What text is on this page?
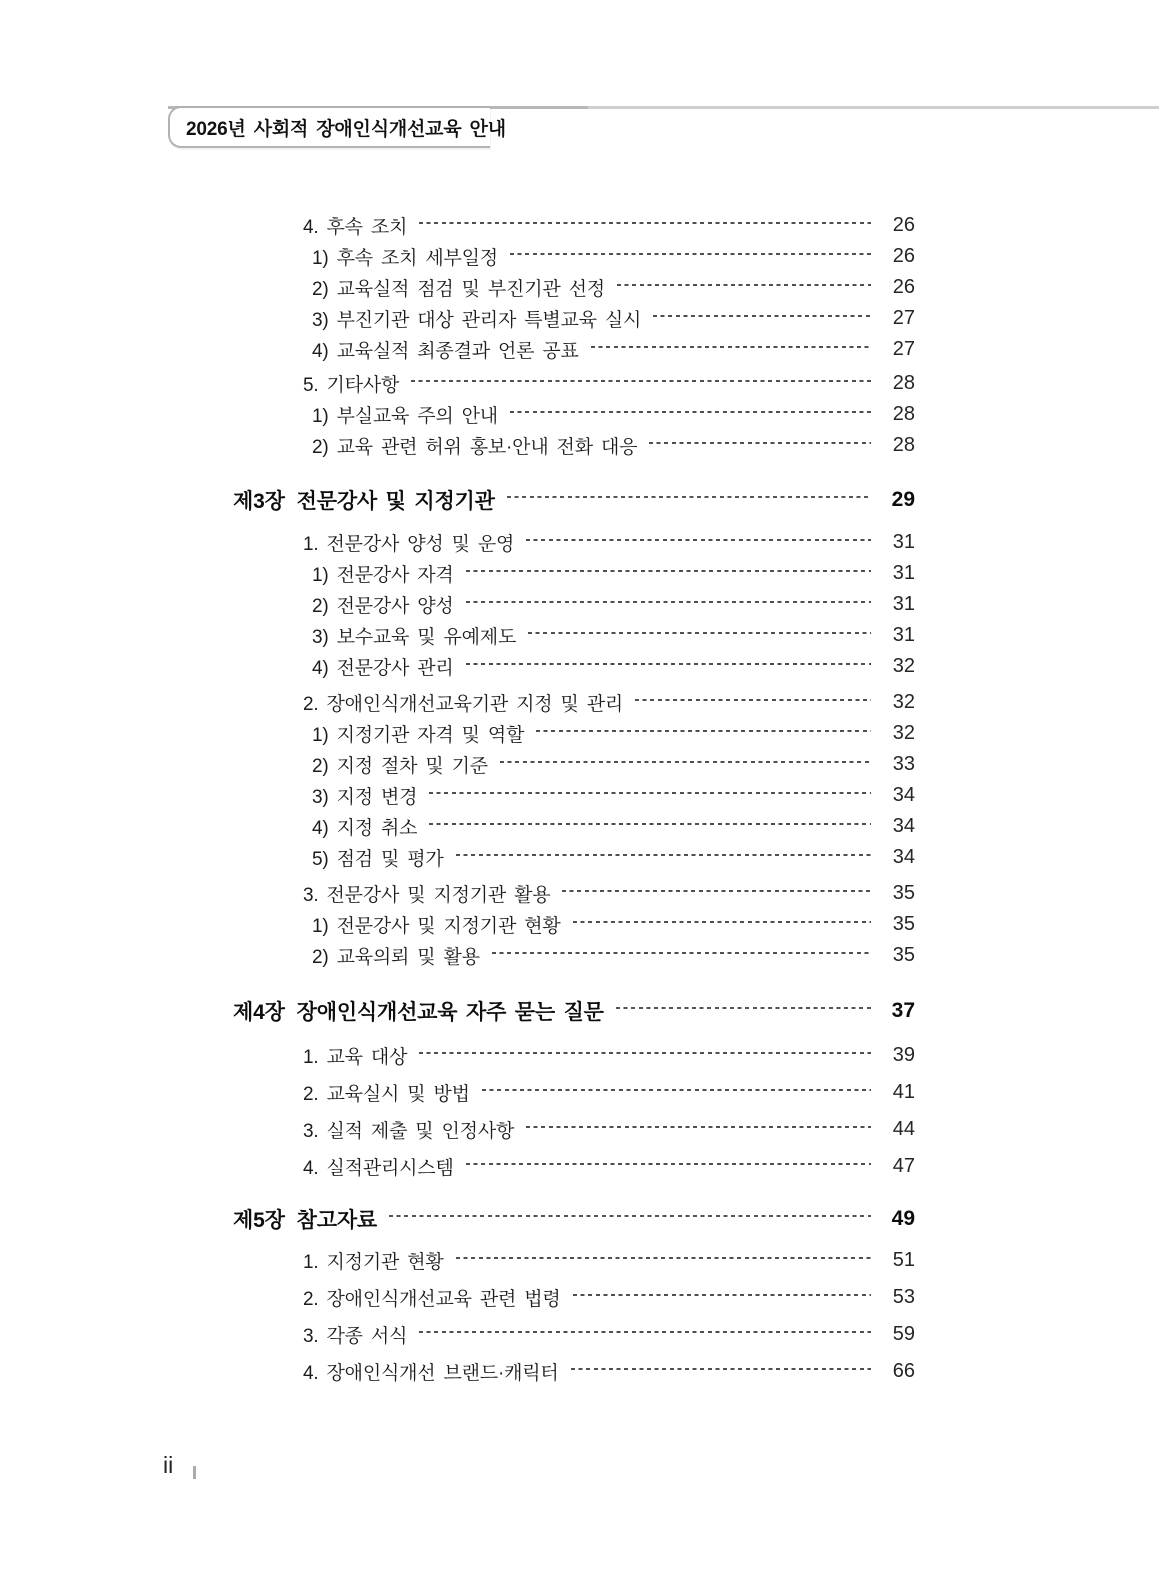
2026년 사회적 장애인식개선교육 안내
4. 후속 조치	26
1) 후속 조치 세부일정	26
2) 교육실적 점검 및 부진기관 선정	26
3) 부진기관 대상 관리자 특별교육 실시	27
4) 교육실적 최종결과 언론 공표	27
5. 기타사항	28
1) 부실교육 주의 안내	28
2) 교육 관련 허위 홍보·안내 전화 대응	28
제3장 전문강사 및 지정기관	29
1. 전문강사 양성 및 운영	31
1) 전문강사 자격	31
2) 전문강사 양성	31
3) 보수교육 및 유예제도	31
4) 전문강사 관리	32
2. 장애인식개선교육기관 지정 및 관리	32
1) 지정기관 자격 및 역할	32
2) 지정 절차 및 기준	33
3) 지정 변경	34
4) 지정 취소	34
5) 점검 및 평가	34
3. 전문강사 및 지정기관 활용	35
1) 전문강사 및 지정기관 현황	35
2) 교육의뢰 및 활용	35
제4장 장애인식개선교육 자주 묻는 질문	37
1. 교육 대상	39
2. 교육실시 및 방법	41
3. 실적 제출 및 인정사항	44
4. 실적관리시스템	47
제5장 참고자료	49
1. 지정기관 현황	51
2. 장애인식개선교육 관련 법령	53
3. 각종 서식	59
4. 장애인식개선 브랜드·캐릭터	66
ii
